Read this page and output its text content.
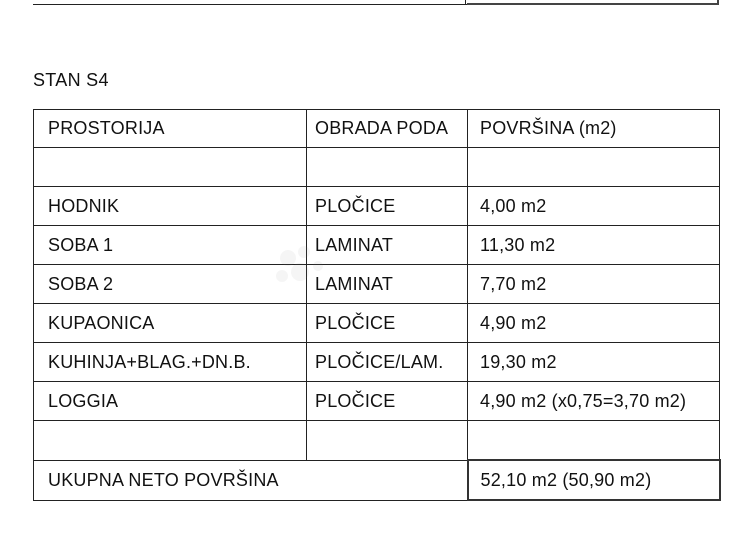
STAN S4
PROSTORIJA	OBRADA PODA	POVRŠINA (m2)

HODNIK	PLOČICE	4,00 m2
SOBA 1	LAMINAT	11,30 m2
SOBA 2	LAMINAT	7,70 m2
KUPAONICA	PLOČICE	4,90 m2
KUHINJA+BLAG.+DN.B.	PLOČICE/LAM.	19,30 m2
LOGGIA	PLOČICE	4,90 m2 (x0,75=3,70 m2)

UKUPNA NETO POVRŠINA		52,10 m2 (50,90 m2)
